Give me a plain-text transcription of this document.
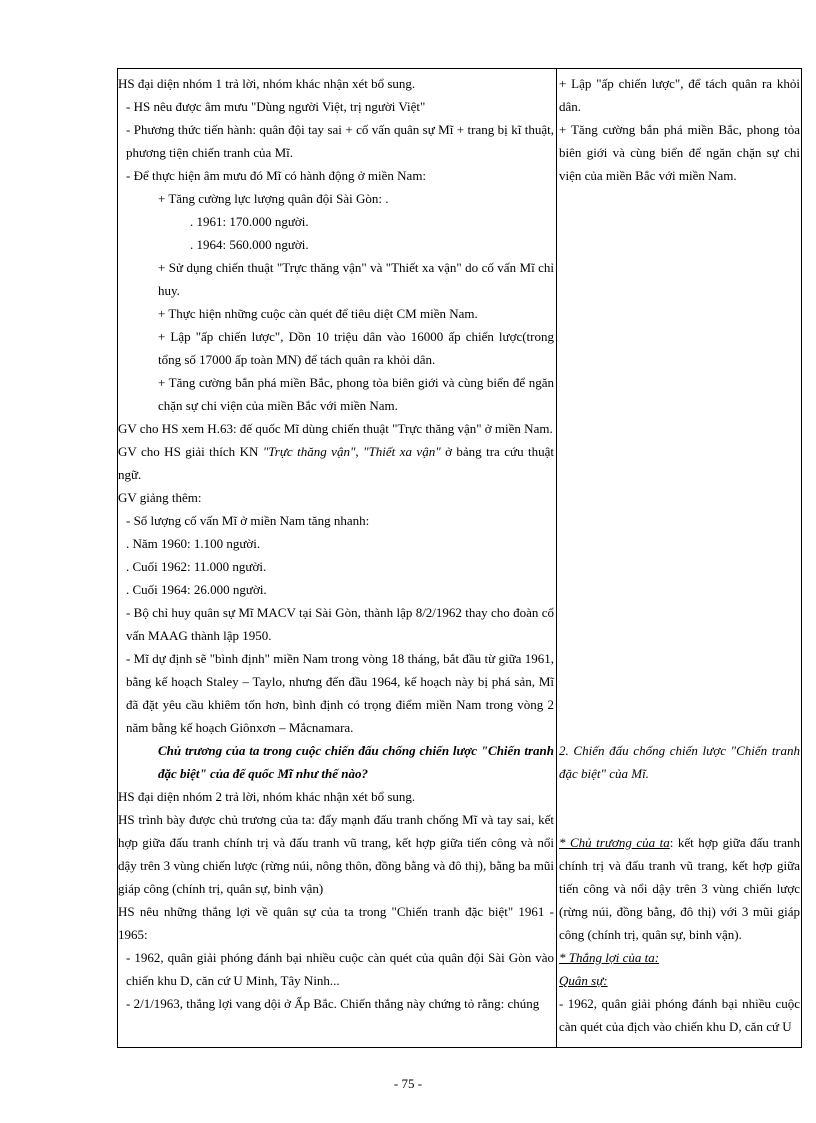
HS đại diện nhóm 1 trả lời, nhóm khác nhận xét bổ sung.

- HS nêu được âm mưu "Dùng người Việt, trị người Việt"

- Phương thức tiến hành: quân đội tay sai + cố vấn quân sự Mĩ + trang bị kĩ thuật, phương tiện chiến tranh của Mĩ.

- Để thực hiện âm mưu đó Mĩ có hành động ở miền Nam:

+ Tăng cường lực lượng quân đội Sài Gòn: .

. 1961: 170.000 người.

. 1964: 560.000 người.

+ Sử dụng chiến thuật "Trực thăng vận" và "Thiết xa vận" do cố vấn Mĩ chỉ huy.

+ Thực hiện những cuộc càn quét để tiêu diệt CM miền Nam.

+ Lập "ấp chiến lược", Dồn 10 triệu dân vào 16000 ấp chiến lược(trong tổng số 17000 ấp toàn MN) để tách quân ra khỏi dân.

+ Tăng cường bắn phá miền Bắc, phong tỏa biên giới và cùng biển để ngăn chặn sự chi viện của miền Bắc với miền Nam.

GV cho HS xem H.63: đế quốc Mĩ dùng chiến thuật "Trực thăng vận" ở miền Nam.

GV cho HS giải thích KN "Trực thăng vận", "Thiết xa vận" ở bảng tra cứu thuật ngữ.

GV giảng thêm:

- Số lượng cố vấn Mĩ ở miền Nam tăng nhanh:

. Năm 1960: 1.100 người.

. Cuối 1962: 11.000 người.

. Cuối 1964: 26.000 người.

- Bộ chỉ huy quân sự Mĩ MACV tại Sài Gòn, thành lập 8/2/1962 thay cho đoàn cố vấn MAAG thành lập 1950.

- Mĩ dự định sẽ "bình định" miền Nam trong vòng 18 tháng, bắt đầu từ giữa 1961, bằng kế hoạch Staley – Taylo, nhưng đến đầu 1964, kế hoạch này bị phá sản, Mĩ đã đặt yêu cầu khiêm tốn hơn, bình định có trọng điểm miền Nam trong vòng 2 năm bằng kế hoạch Giônxơn – Mắcnamara.

Chủ trương của ta trong cuộc chiến đấu chống chiến lược "Chiến tranh đặc biệt" của đế quốc Mĩ như thế nào?

HS đại diện nhóm 2 trả lời, nhóm khác nhận xét bổ sung.

HS trình bày được chủ trương của ta: đẩy mạnh đấu tranh chống Mĩ và tay sai, kết hợp giữa đấu tranh chính trị và đấu tranh vũ trang, kết hợp giữa tiến công và nổi dậy trên 3 vùng chiến lược (rừng núi, nông thôn, đồng bằng và đô thị), bằng ba mũi giáp công (chính trị, quân sự, binh vận)

HS nêu những thắng lợi về quân sự của ta trong "Chiến tranh đặc biệt" 1961 - 1965:

- 1962, quân giải phóng đánh bại nhiều cuộc càn quét của quân đội Sài Gòn vào chiến khu D, căn cứ U Minh, Tây Ninh...

- 2/1/1963, thắng lợi vang dội ở Ấp Bắc. Chiến thắng này chứng tỏ rằng: chúng

+ Lập "ấp chiến lược", để tách quân ra khỏi dân.

+ Tăng cường bắn phá miền Bắc, phong tỏa biên giới và cùng biển để ngăn chặn sự chi viện của miền Bắc với miền Nam.

2. Chiến đấu chống chiến lược "Chiến tranh đặc biệt" của Mĩ.

* Chủ trương của ta: kết hợp giữa đấu tranh chính trị và đấu tranh vũ trang, kết hợp giữa tiến công và nổi dậy trên 3 vùng chiến lược (rừng núi, đồng bằng, đô thị) với 3 mũi giáp công (chính trị, quân sự, binh vận).

* Thắng lợi của ta:

Quân sự:

- 1962, quân giải phóng đánh bại nhiều cuộc càn quét của địch vào chiến khu D, căn cứ U

- 75 -
